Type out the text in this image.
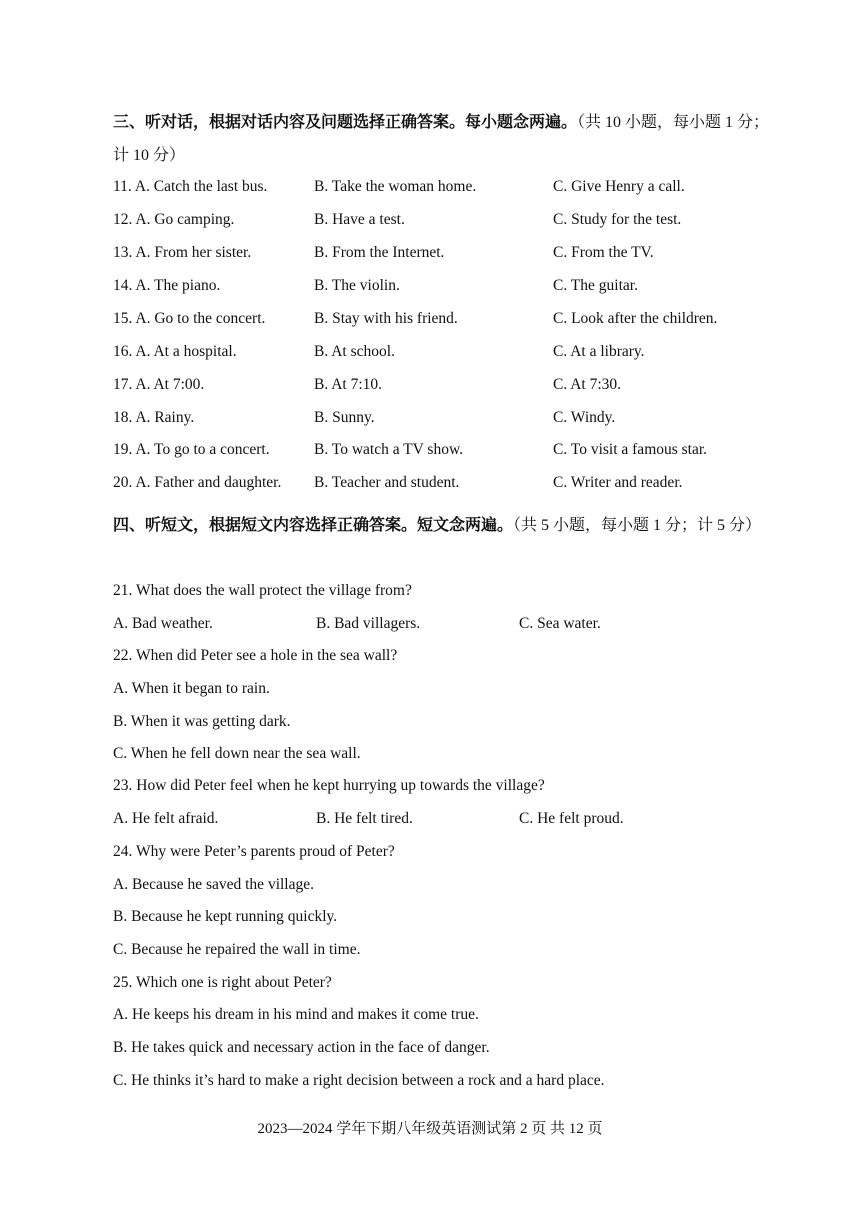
三、听对话，根据对话内容及问题选择正确答案。每小题念两遍。（共 10 小题，每小题 1 分；计 10 分）
11. A. Catch the last bus.	B. Take the woman home.	C. Give Henry a call.
12. A. Go camping.	B. Have a test.	C. Study for the test.
13. A. From her sister.	B. From the Internet.	C. From the TV.
14. A. The piano.	B. The violin.	C. The guitar.
15. A. Go to the concert.	B. Stay with his friend.	C. Look after the children.
16. A. At a hospital.	B. At school.	C. At a library.
17. A. At 7:00.	B. At 7:10.	C. At 7:30.
18. A. Rainy.	B. Sunny.	C. Windy.
19. A. To go to a concert.	B. To watch a TV show.	C. To visit a famous star.
20. A. Father and daughter. B. Teacher and student.	C. Writer and reader.
四、听短文，根据短文内容选择正确答案。短文念两遍。（共 5 小题，每小题 1 分；计 5 分）
21. What does the wall protect the village from?
A. Bad weather.	B. Bad villagers.	C. Sea water.
22. When did Peter see a hole in the sea wall?
A. When it began to rain.
B. When it was getting dark.
C. When he fell down near the sea wall.
23. How did Peter feel when he kept hurrying up towards the village?
A. He felt afraid.	B. He felt tired.	C. He felt proud.
24. Why were Peter’s parents proud of Peter?
A. Because he saved the village.
B. Because he kept running quickly.
C. Because he repaired the wall in time.
25. Which one is right about Peter?
A. He keeps his dream in his mind and makes it come true.
B. He takes quick and necessary action in the face of danger.
C. He thinks it’s hard to make a right decision between a rock and a hard place.
2023—2024 学年下期八年级英语测试第 2 页 共 12 页
